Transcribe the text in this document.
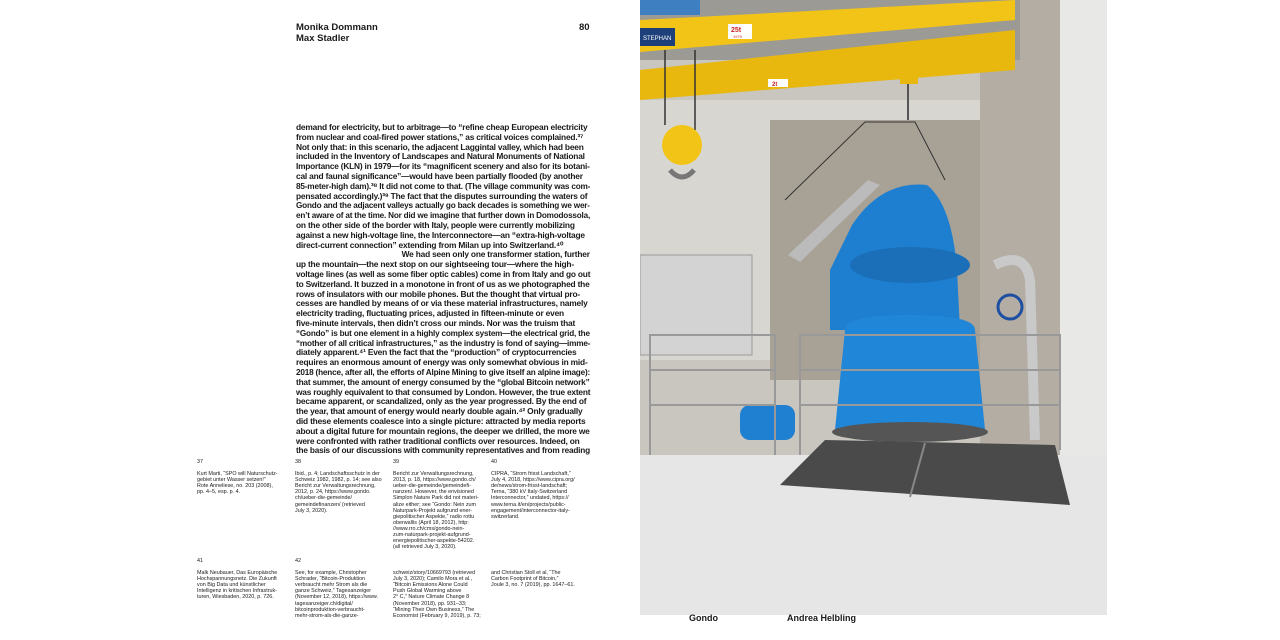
Monika Dommann
Max Stadler
80
demand for electricity, but to arbitrage—to “refine cheap European electricity
from nuclear and coal-fired power stations,” as critical voices complained.³⁷
Not only that: in this scenario, the adjacent Laggintal valley, which had been
included in the Inventory of Landscapes and Natural Monuments of National
Importance (KLN) in 1979—for its “magnificent scenery and also for its botani-
cal and faunal significance”—would have been partially flooded (by another
85-meter-high dam).³⁸ It did not come to that. (The village community was com-
pensated accordingly.)³⁹ The fact that the disputes surrounding the waters of
Gondo and the adjacent valleys actually go back decades is something we wer-
en’t aware of at the time. Nor did we imagine that further down in Domodossola,
on the other side of the border with Italy, people were currently mobilizing
against a new high-voltage line, the Interconnectore—an “extra-high-voltage
direct-current connection” extending from Milan up into Switzerland.⁴⁰
We had seen only one transformer station, further
up the mountain—the next stop on our sightseeing tour—where the high-
voltage lines (as well as some fiber optic cables) come in from Italy and go out
to Switzerland. It buzzed in a monotone in front of us as we photographed the
rows of insulators with our mobile phones. But the thought that virtual pro-
cesses are handled by means of or via these material infrastructures, namely
electricity trading, fluctuating prices, adjusted in fifteen-minute or even
five-minute intervals, then didn’t cross our minds. Nor was the truism that
“Gondo” is but one element in a highly complex system—the electrical grid, the
“mother of all critical infrastructures,” as the industry is fond of saying—imme-
diately apparent.⁴¹ Even the fact that the “production” of cryptocurrencies
requires an enormous amount of energy was only somewhat obvious in mid-
2018 (hence, after all, the efforts of Alpine Mining to give itself an alpine image):
that summer, the amount of energy consumed by the “global Bitcoin network”
was roughly equivalent to that consumed by London. However, the true extent
became apparent, or scandalized, only as the year progressed. By the end of
the year, that amount of energy would nearly double again.⁴² Only gradually
did these elements coalesce into a single picture: attracted by media reports
about a digital future for mountain regions, the deeper we drilled, the more we
were confronted with rather traditional conflicts over resources. Indeed, on
the basis of our discussions with community representatives and from reading
37
Kurt Marti, “SPO will Naturschutz-
gebiet unter Wasser setzen!”
Rote Anneliese, no. 203 (2008),
pp. 4–5, esp. p. 4.
38
Ibid., p. 4; Landschaftsschutz in der
Schweiz 1982, 1982, p. 14; see also
Bericht zur Verwaltungsrechnung,
2012, p. 24, https://www.gondo.
ch/ueber-die-gemeinde/
gemeindefinanzen/ (retrieved
July 3, 2020).
39
Bericht zur Verwaltungsrechnung,
2013, p. 18, https://www.gondo.ch/
ueber-die-gemeinde/gemeindefi-
nanzen/. However, the envisioned
Simplon Nature Park did not materi-
alize either; see “Gondo: Nein zum
Naturpark-Projekt aufgrund ener-
giepolitischer Aspekte,” radio rottu
oberwallis (April 18, 2012), http:
//www.rro.ch/cms/gondo-nein-
zum-naturpark-projekt-aufgrund-
energiepolitischer-aspekte-54202.
(all retrieved July 3, 2020).
40
CIPRA, “Strom frisst Landschaft,”
July 4, 2018, https://www.cipra.org/
de/news/strom-frisst-landschaft;
Terna, “380 kV Italy-Switzerland
Interconnector,” undated, https://
www.terna.it/en/projects/public-
engagement/interconnector-italy-
switzerland.
41
Malk Neubauer, Das Europäische
Hochspannungsnetz. Die Zukunft
von Big Data und künstlicher
Intelligenz in kritischen Infrastruk-
turen, Wiesbaden, 2020, p. 726.
42
See, for example, Christopher
Schrader, “Bitcoin-Produktion
verbraucht mehr Strom als die
ganze Schweiz,” Tagesanzeiger
(November 12, 2018), https://www.
tagesanzeiger.ch/digital/
bitcoinproduktion-verbraucht-
mehr-strom-als-die-ganze-

schweiz/story/10669793 (retrieved
July 3, 2020); Camilo Mora et al.,
“Bitcoin Emissions Alone Could
Push Global Warming above
2° C,” Nature Climate Change 8
(November 2018), pp. 931–33;
“Mining Their Own Business,” The
Economist (February 9, 2019), p. 73;

and Christian Stoll et al, “The
Carbon Footprint of Bitcoin,”
Joule 3, no. 7 (2019), pp. 1647–61.
STEPHAN
25t
1979
2t
Gondo	Andrea Helbling
